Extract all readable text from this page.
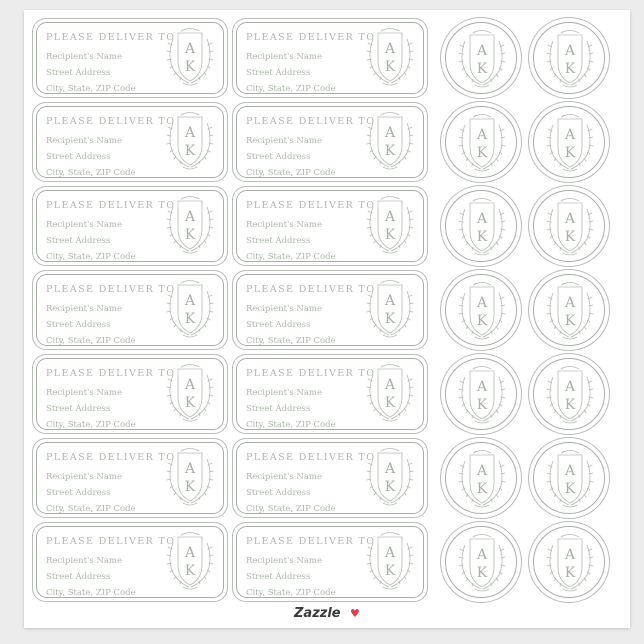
PLEASE DELIVER TO
Recipient's Name
Street Address
City, State, ZIP Code
A
K
PLEASE DELIVER TO
Recipient's Name
Street Address
City, State, ZIP Code
A
K
PLEASE DELIVER TO
Recipient's Name
Street Address
City, State, ZIP Code
A
K
PLEASE DELIVER TO
Recipient's Name
Street Address
City, State, ZIP Code
A
K
PLEASE DELIVER TO
Recipient's Name
Street Address
City, State, ZIP Code
A
K
PLEASE DELIVER TO
Recipient's Name
Street Address
City, State, ZIP Code
A
K
PLEASE DELIVER TO
Recipient's Name
Street Address
City, State, ZIP Code
A
K
PLEASE DELIVER TO
Recipient's Name
Street Address
City, State, ZIP Code
A
K
PLEASE DELIVER TO
Recipient's Name
Street Address
City, State, ZIP Code
A
K
PLEASE DELIVER TO
Recipient's Name
Street Address
City, State, ZIP Code
A
K
PLEASE DELIVER TO
Recipient's Name
Street Address
City, State, ZIP Code
A
K
PLEASE DELIVER TO
Recipient's Name
Street Address
City, State, ZIP Code
A
K
PLEASE DELIVER TO
Recipient's Name
Street Address
City, State, ZIP Code
A
K
PLEASE DELIVER TO
Recipient's Name
Street Address
City, State, ZIP Code
A
K
A
K
A
K
A
K
A
K
A
K
A
K
A
K
A
K
A
K
A
K
A
K
A
K
A
K
A
K
Zazzle ♥
